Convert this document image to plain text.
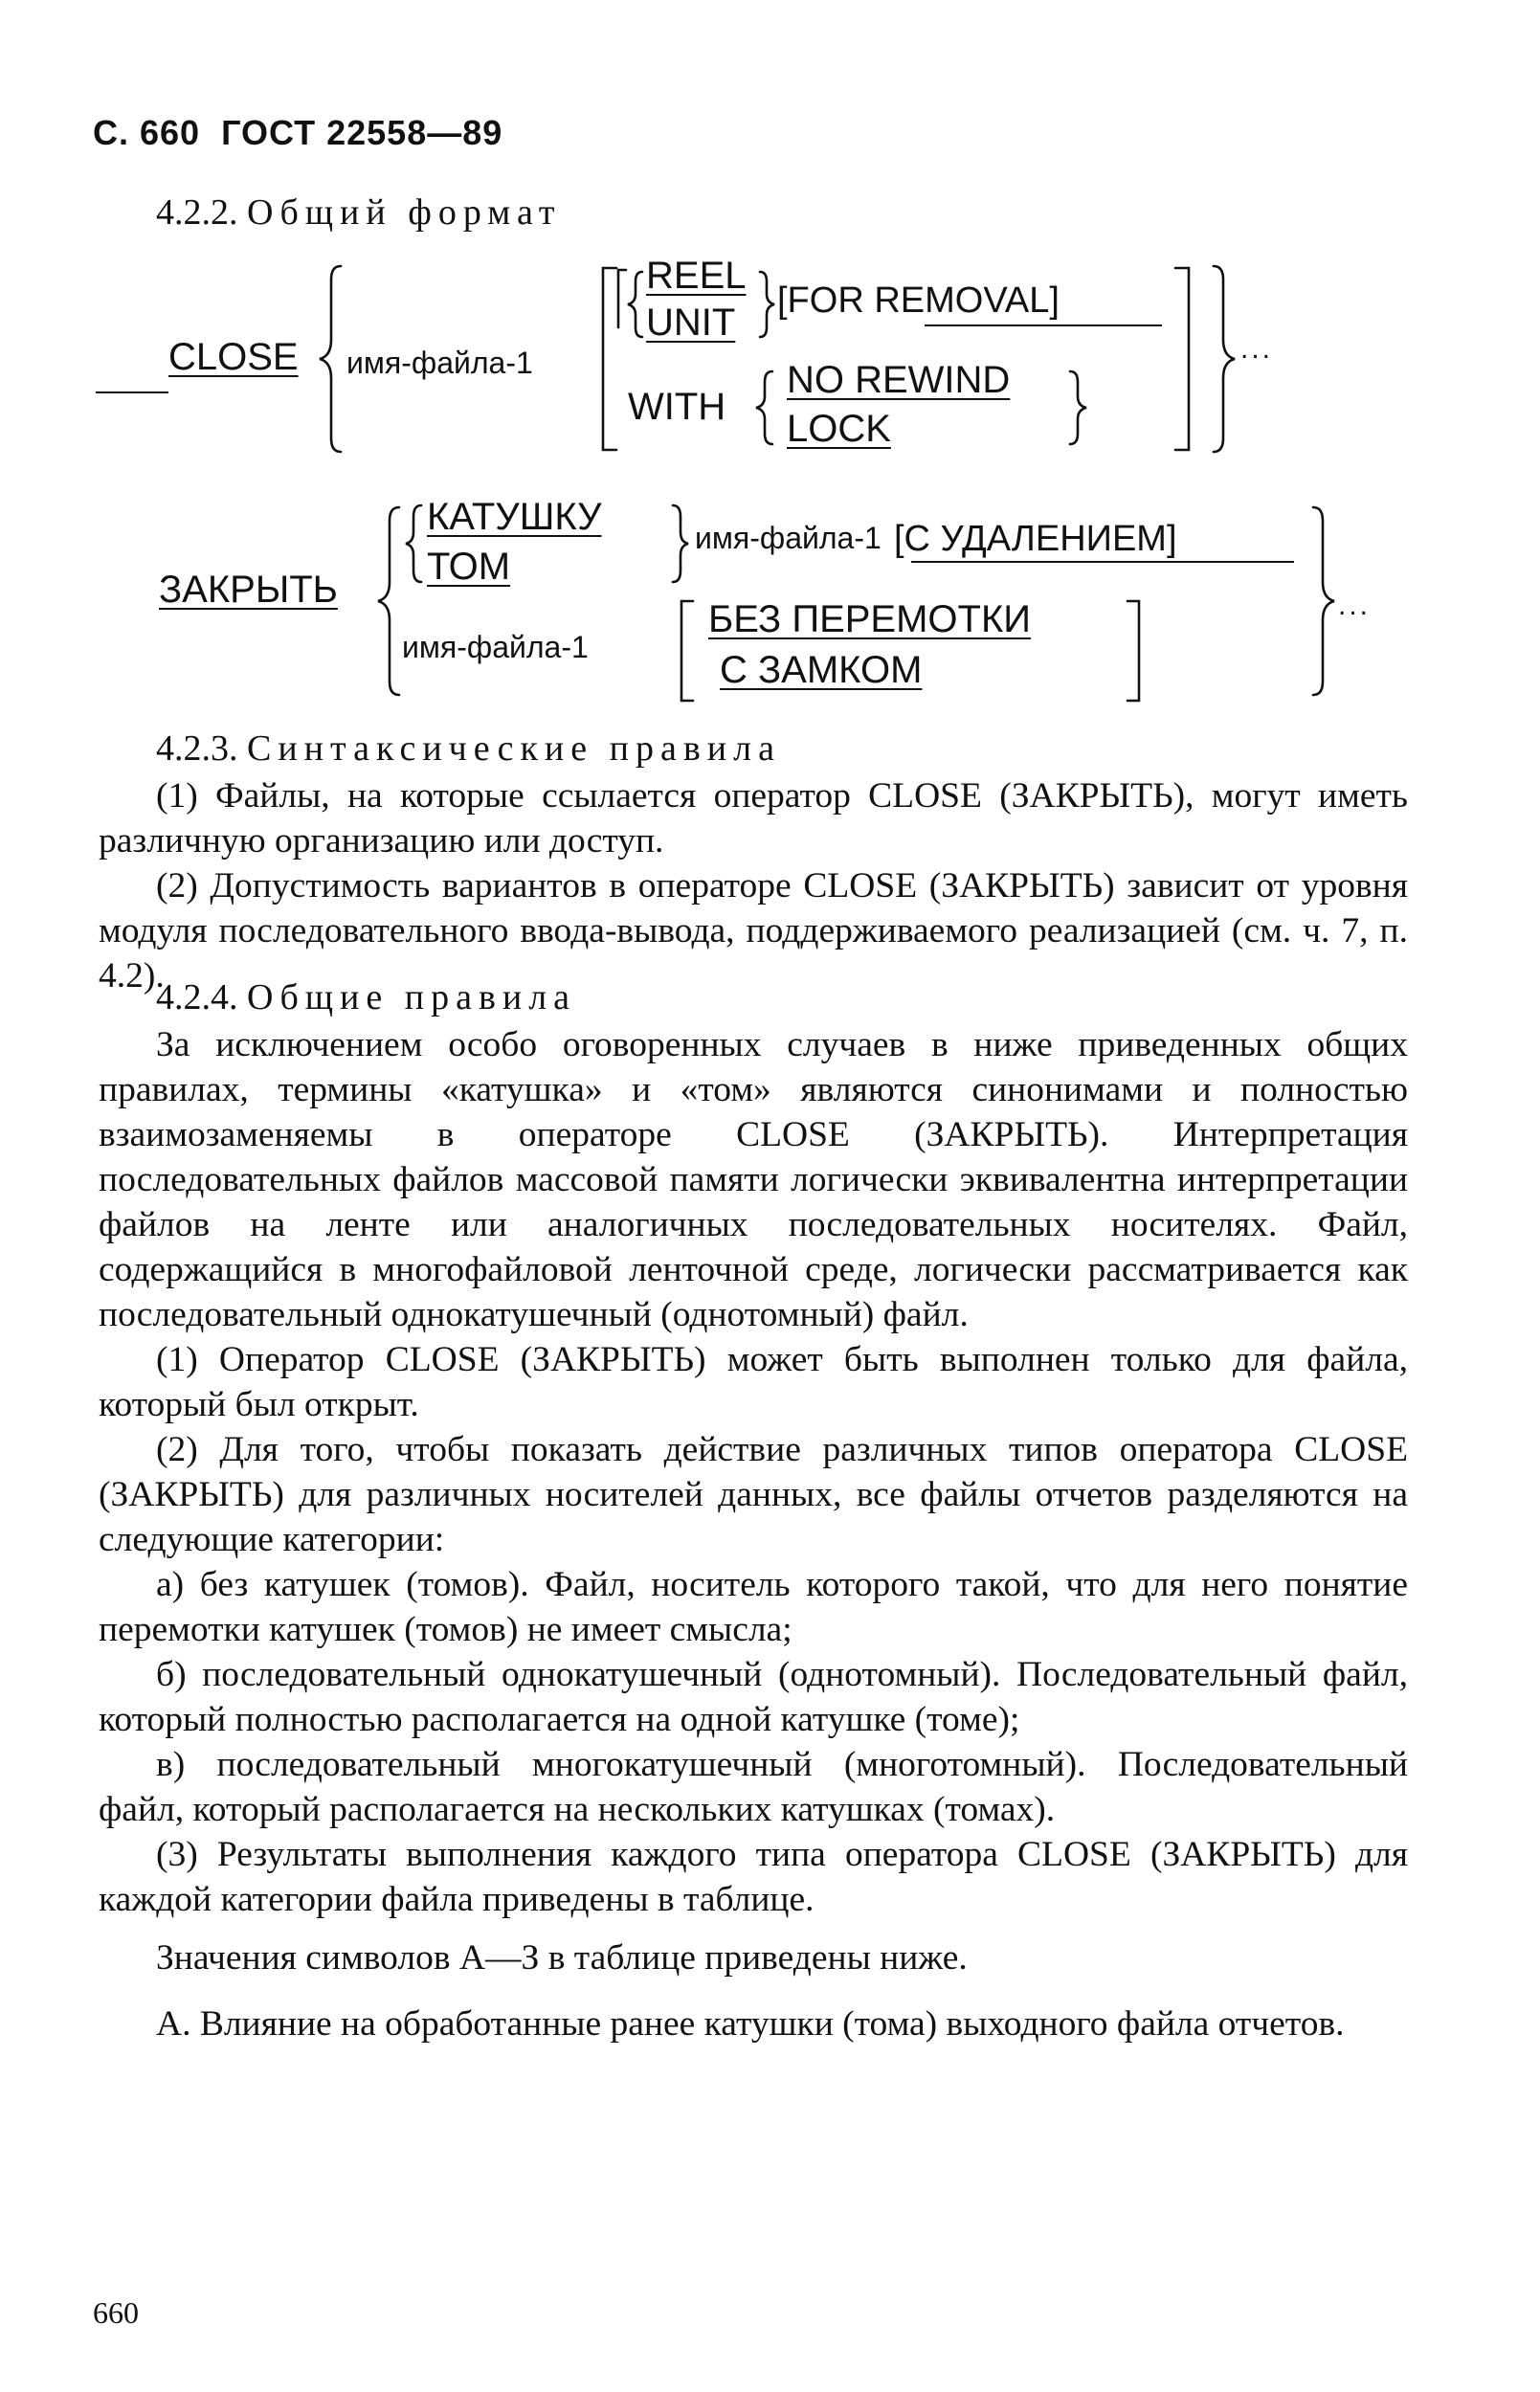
С. 660 ГОСТ 22558—89
4.2.2. Общий формат
CLOSE имя-файла-1
REEL
UNIT
[FOR REMOVAL]
WITH
NO REWIND
LOCK
...
ЗАКРЫТЬ
КАТУШКУ
ТОМ
имя-файла-1 [С УДАЛЕНИЕМ]
имя-файла-1
БЕЗ ПЕРЕМОТКИ
С ЗАМКОМ
...
4.2.3. Синтаксические правила

(1) Файлы, на которые ссылается оператор CLOSE (ЗАКРЫТЬ), могут иметь различную организацию или доступ.

(2) Допустимость вариантов в операторе CLOSE (ЗАКРЫТЬ) зависит от уровня модуля последовательного ввода-вывода, поддерживаемого реализацией (см. ч. 7, п. 4.2).

4.2.4. Общие правила

За исключением особо оговоренных случаев в ниже приведенных общих правилах, термины «катушка» и «том» являются синонимами и полностью взаимозаменяемы в операторе CLOSE (ЗАКРЫТЬ). Интерпретация последовательных файлов массовой памяти логически эквивалентна интерпретации файлов на ленте или аналогичных последовательных носителях. Файл, содержащийся в многофайловой ленточной среде, логически рассматривается как последовательный однокатушечный (однотомный) файл.

(1) Оператор CLOSE (ЗАКРЫТЬ) может быть выполнен только для файла, который был открыт.

(2) Для того, чтобы показать действие различных типов оператора CLOSE (ЗАКРЫТЬ) для различных носителей данных, все файлы отчетов разделяются на следующие категории:

а) без катушек (томов). Файл, носитель которого такой, что для него понятие перемотки катушек (томов) не имеет смысла;

б) последовательный однокатушечный (однотомный). Последовательный файл, который полностью располагается на одной катушке (томе);

в) последовательный многокатушечный (многотомный). Последовательный файл, который располагается на нескольких катушках (томах).

(3) Результаты выполнения каждого типа оператора CLOSE (ЗАКРЫТЬ) для каждой категории файла приведены в таблице.

Значения символов А—З в таблице приведены ниже.

А. Влияние на обработанные ранее катушки (тома) выходного файла отчетов.

660
